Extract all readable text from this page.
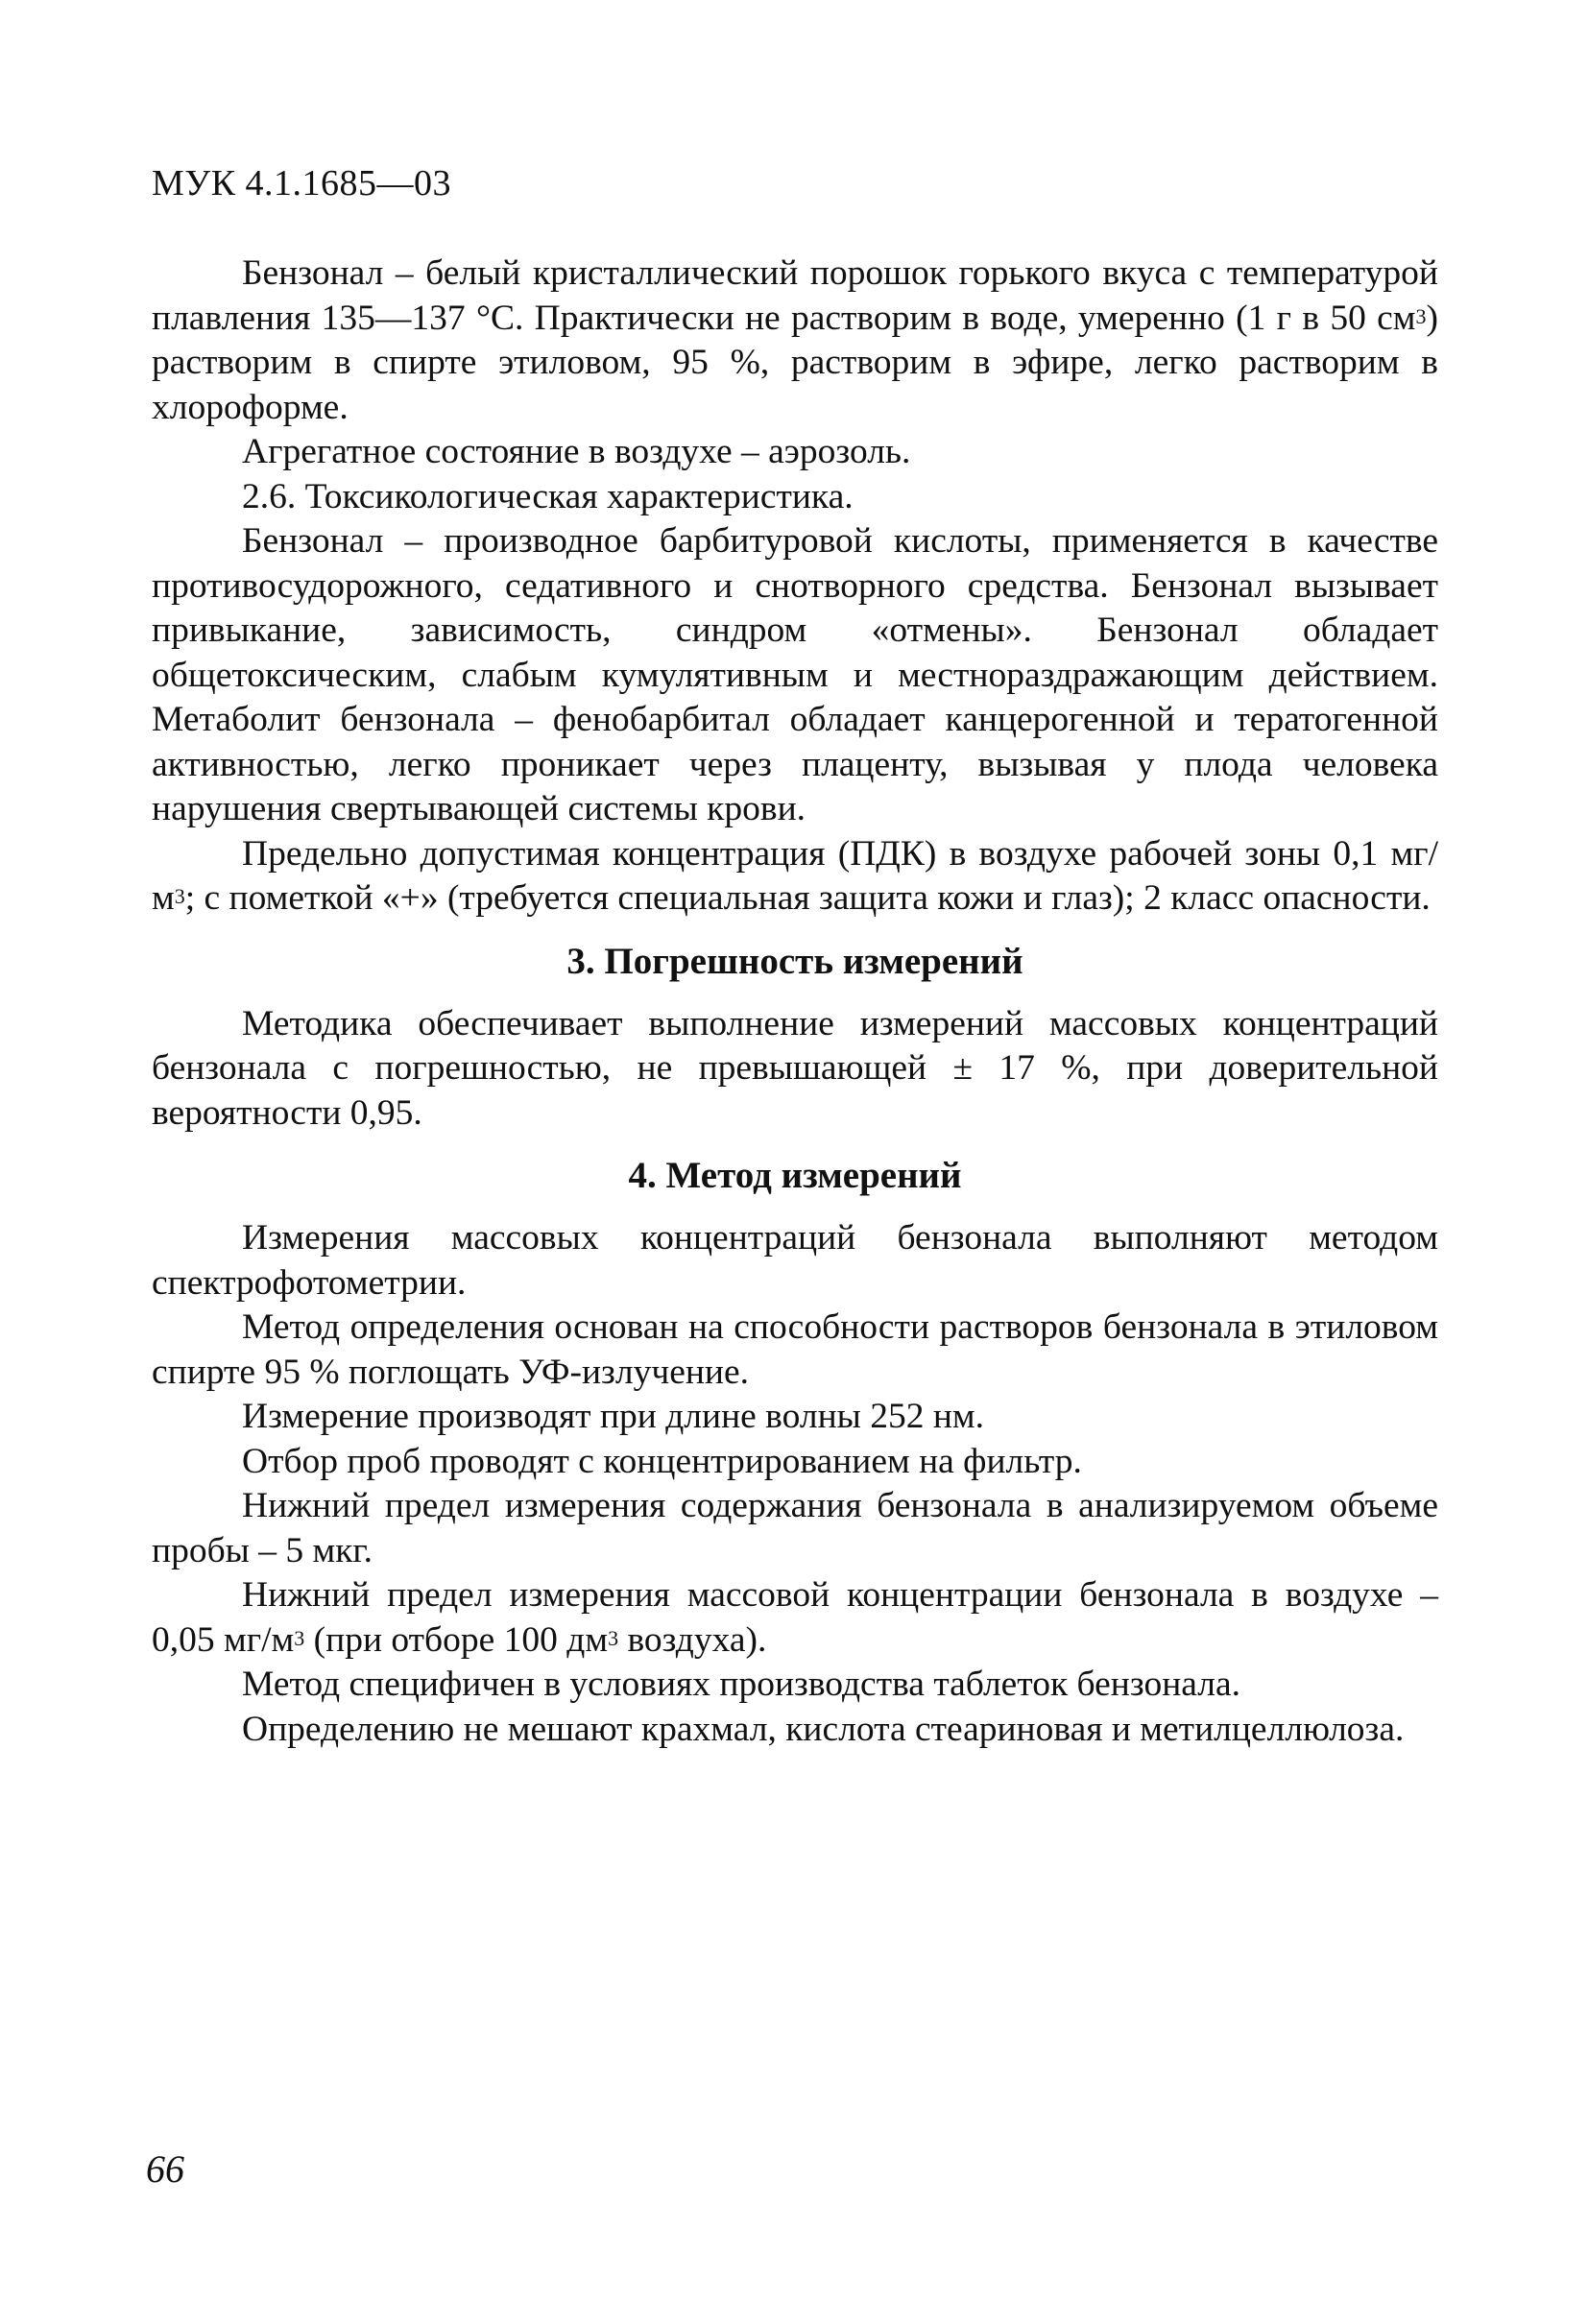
МУК 4.1.1685—03

Бензонал – белый кристаллический порошок горького вкуса с температурой плавления 135—137 °С. Практически не растворим в воде, умеренно (1 г в 50 $см^3$) растворим в спирте этиловом, 95 %, растворим в эфире, легко растворим в хлороформе.

Агрегатное состояние в воздухе – аэрозоль.

2.6. Токсикологическая характеристика.

Бензонал – производное барбитуровой кислоты, применяется в качестве противосудорожного, седативного и снотворного средства. Бензонал вызывает привыкание, зависимость, синдром «отмены». Бензонал обладает общетоксическим, слабым кумулятивным и местнораздражающим действием. Метаболит бензонала – фенобарбитал обладает канцерогенной и тератогенной активностью, легко проникает через плаценту, вызывая у плода человека нарушения свертывающей системы крови.

Предельно допустимая концентрация (ПДК) в воздухе рабочей зоны 0,1 $мг/м^3$; с пометкой «+» (требуется специальная защита кожи и глаз); 2 класс опасности.

3. Погрешность измерений

Методика обеспечивает выполнение измерений массовых концентраций бензонала с погрешностью, не превышающей ± 17 %, при доверительной вероятности 0,95.

4. Метод измерений

Измерения массовых концентраций бензонала выполняют методом спектрофотометрии.

Метод определения основан на способности растворов бензонала в этиловом спирте 95 % поглощать УФ-излучение.

Измерение производят при длине волны 252 нм.

Отбор проб проводят с концентрированием на фильтр.

Нижний предел измерения содержания бензонала в анализируемом объеме пробы – 5 мкг.

Нижний предел измерения массовой концентрации бензонала в воздухе – 0,05 $мг/м^3$ (при отборе 100 $дм^3$ воздуха).

Метод специфичен в условиях производства таблеток бензонала.

Определению не мешают крахмал, кислота стеариновая и метилцеллюлоза.

66
